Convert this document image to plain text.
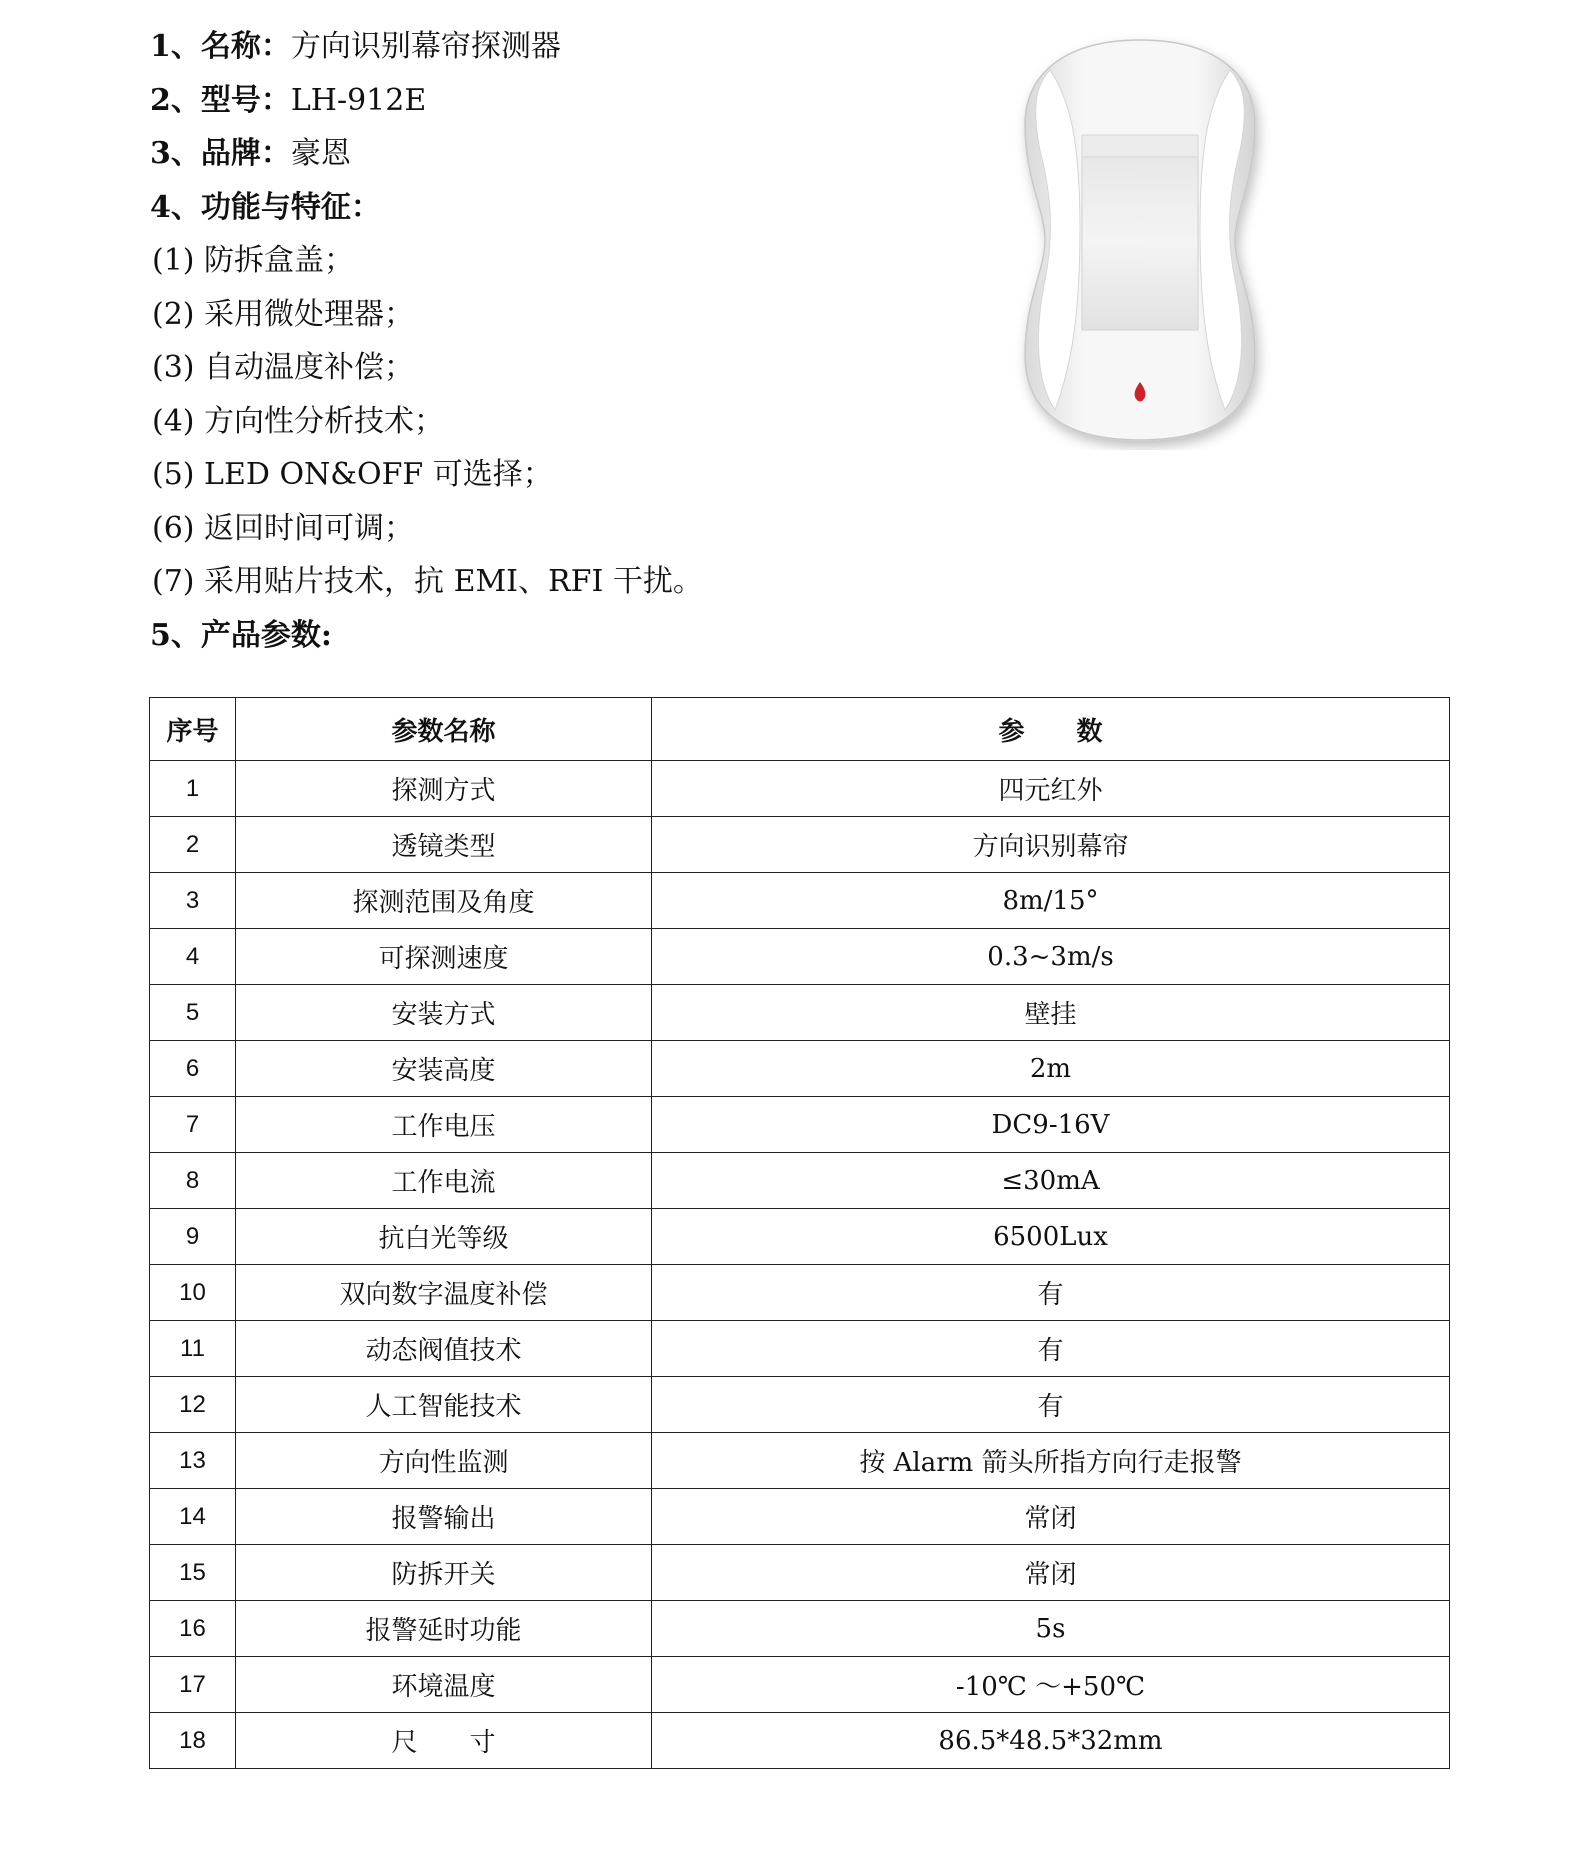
1、名称：方向识别幕帘探测器
2、型号：LH-912E
3、品牌：豪恩
4、功能与特征：
(1) 防拆盒盖；
(2) 采用微处理器；
(3) 自动温度补偿；
(4) 方向性分析技术；
(5) LED ON&OFF 可选择；
(6) 返回时间可调；
(7) 采用贴片技术，抗 EMI、RFI 干扰。
5、产品参数:
序号	参数名称	参　　数
1	探测方式	四元红外
2	透镜类型	方向识别幕帘
3	探测范围及角度	8m/15°
4	可探测速度	0.3~3m/s
5	安装方式	壁挂
6	安装高度	2m
7	工作电压	DC9-16V
8	工作电流	≤30mA
9	抗白光等级	6500Lux
10	双向数字温度补偿	有
11	动态阀值技术	有
12	人工智能技术	有
13	方向性监测	按 Alarm 箭头所指方向行走报警
14	报警输出	常闭
15	防拆开关	常闭
16	报警延时功能	5s
17	环境温度	-10℃ ～+50℃
18	尺　　寸	86.5*48.5*32mm
